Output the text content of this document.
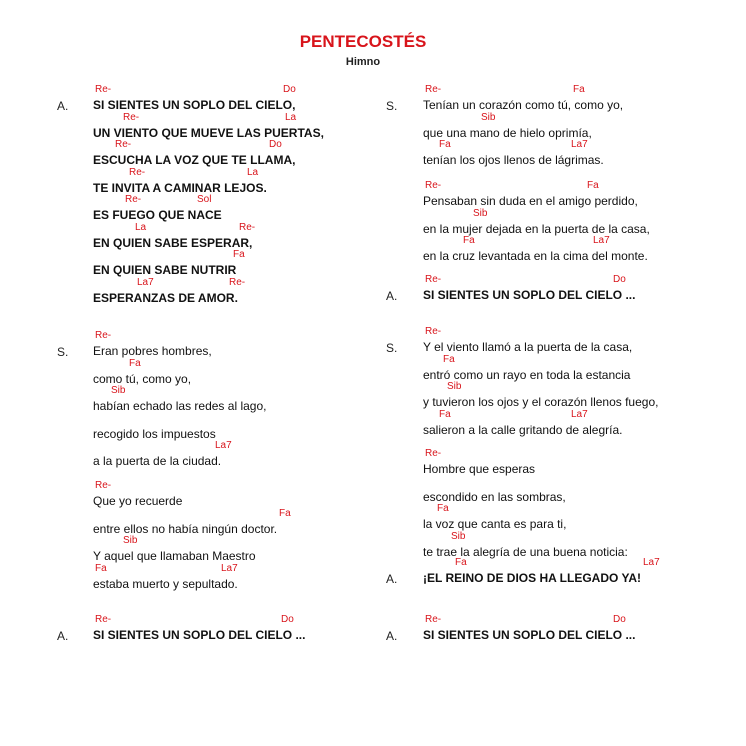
PENTECOSTÉS
Himno
A.
Re-	Do
SI SIENTES UN SOPLO DEL CIELO,
Re-	La
UN VIENTO QUE MUEVE LAS PUERTAS,
Re-	Do
ESCUCHA LA VOZ QUE TE LLAMA,
Re-	La
TE INVITA A CAMINAR LEJOS.
Re-	Sol
ES FUEGO QUE NACE
La	Re-
EN QUIEN SABE ESPERAR,
Fa
EN QUIEN SABE NUTRIR
La7	Re-
ESPERANZAS DE AMOR.
S.
Re-
Eran pobres hombres,
Fa
como tú, como yo,
Sib
habían echado las redes al lago,
recogido los impuestos
La7
a la puerta de la ciudad.
Re-
Que yo recuerde
Fa
entre ellos no había ningún doctor.
Sib
Y aquel que llamaban Maestro
Fa	La7
estaba muerto y sepultado.
A.
Re-	Do
SI SIENTES UN SOPLO DEL CIELO ...
S.
Re-	Fa
Tenían un corazón como tú, como yo,
Sib
que una mano de hielo oprimía,
Fa	La7
tenían los ojos llenos de lágrimas.
Re-	Fa
Pensaban sin duda en el amigo perdido,
Sib
en la mujer dejada en la puerta de la casa,
Fa	La7
en la cruz levantada en la cima del monte.
A.
Re-	Do
SI SIENTES UN SOPLO DEL CIELO ...
S.
Re-
Y el viento llamó a la puerta de la casa,
Fa
entró como un rayo en toda la estancia
Sib
y tuvieron los ojos y el corazón llenos fuego,
Fa	La7
salieron a la calle gritando de alegría.
Re-
Hombre que esperas
escondido en las sombras,
Fa
la voz que canta es para ti,
Sib
te trae la alegría de una buena noticia:
A.
Fa	La7
¡EL REINO DE DIOS HA LLEGADO YA!
A.
Re-	Do
SI SIENTES UN SOPLO DEL CIELO ...
